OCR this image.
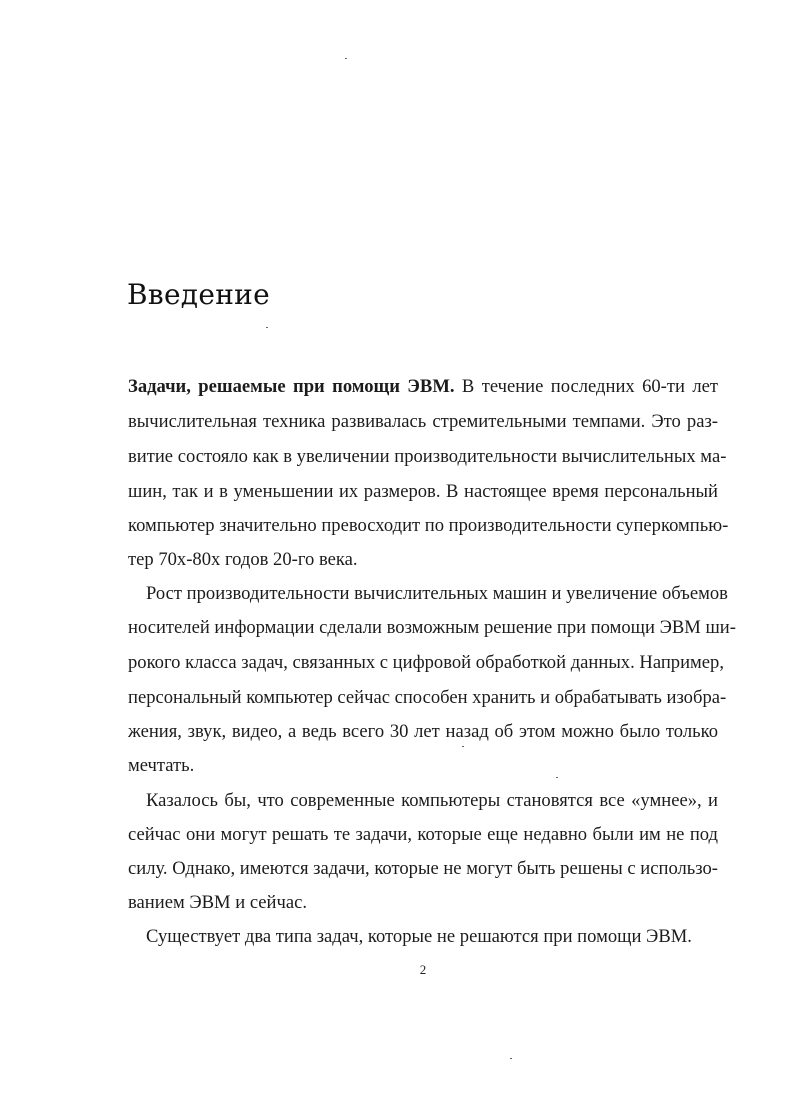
Введение

Задачи, решаемые при помощи ЭВМ. В течение последних 60-ти лет

вычислительная техника развивалась стремительными темпами. Это раз-

витие состояло как в увеличении производительности вычислительных ма-

шин, так и в уменьшении их размеров. В настоящее время персональный

компьютер значительно превосходит по производительности суперкомпью-

тер 70х-80х годов 20-го века.

Рост производительности вычислительных машин и увеличение объемов

носителей информации сделали возможным решение при помощи ЭВМ ши-

рокого класса задач, связанных с цифровой обработкой данных. Например,

персональный компьютер сейчас способен хранить и обрабатывать изобра-

жения, звук, видео, а ведь всего 30 лет назад об этом можно было только

мечтать.

Казалось бы, что современные компьютеры становятся все «умнее», и

сейчас они могут решать те задачи, которые еще недавно были им не под

силу. Однако, имеются задачи, которые не могут быть решены с использо-

ванием ЭВМ и сейчас.

Существует два типа задач, которые не решаются при помощи ЭВМ.

2
